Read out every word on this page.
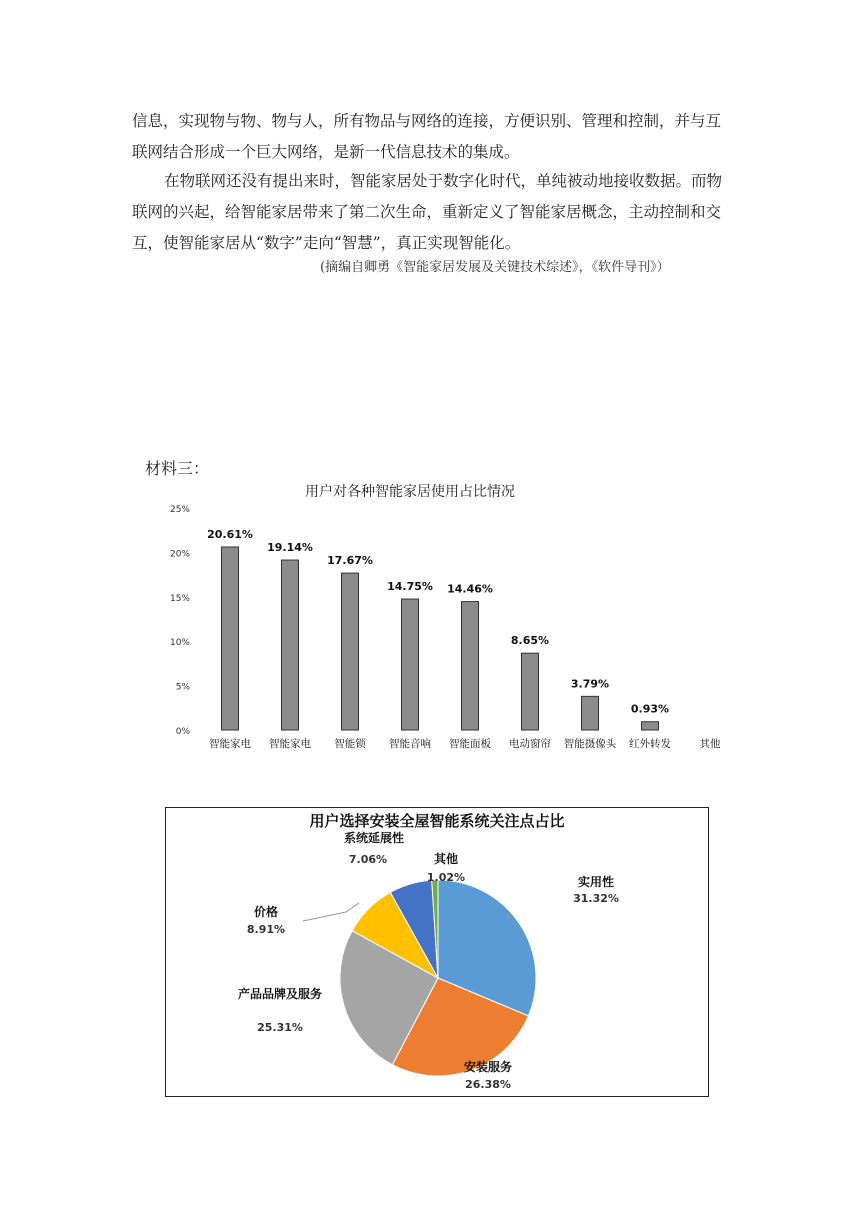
信息，实现物与物、物与人，所有物品与网络的连接，方便识别、管理和控制，并与互联网结合形成一个巨大网络，是新一代信息技术的集成。
在物联网还没有提出来时，智能家居处于数字化时代，单纯被动地接收数据。而物联网的兴起，给智能家居带来了第二次生命，重新定义了智能家居概念，主动控制和交互，使智能家居从“数字”走向“智慧”，真正实现智能化。
(摘编自卿勇《智能家居发展及关键技术综述》，《软件导刊》）
材料三：
用户对各种智能家居使用占比情况
0%
5%
10%
15%
20%
25%
智能家电 智能家电 智能锁 智能音响 智能面板 电动窗帘 智能摄像头 红外转发	其他
20.61%
19.14%
17.67%
14.75% 14.46%
8.65%
3.79%
0.93%
用户选择安装全屋智能系统关注点占比
实用性
31.32%
安装服务
26.38%
产品品牌及服务
25.31%
价格
8.91%
系统延展性
7.06%	其他
1.02%
